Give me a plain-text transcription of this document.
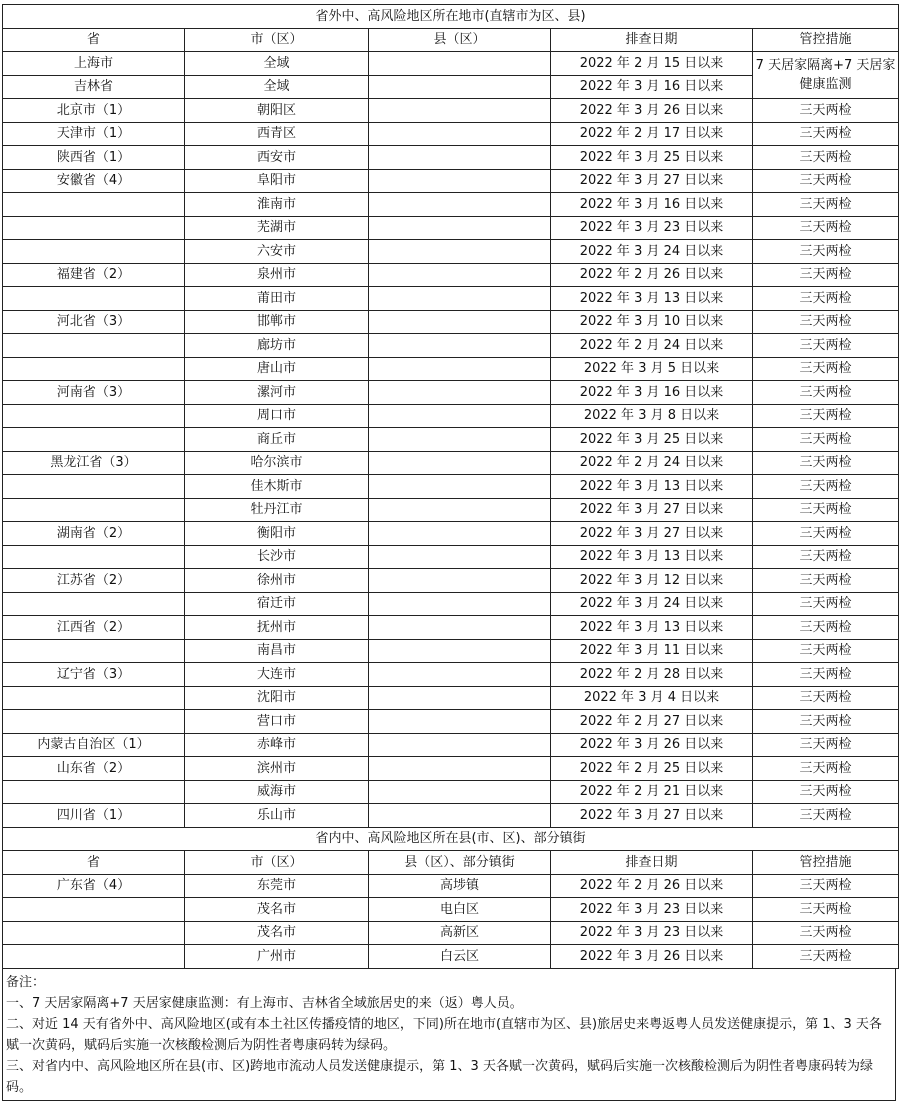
省外中、高风险地区所在地市(直辖市为区、县)				
省	市（区）	县（区）	排查日期	管控措施
上海市	全域		2022 年 2 月 15 日以来	7 天居家隔离+7 天居家健康监测
吉林省	全域		2022 年 3 月 16 日以来	
北京市（1）	朝阳区		2022 年 3 月 26 日以来	三天两检
天津市（1）	西青区		2022 年 2 月 17 日以来	三天两检
陕西省（1）	西安市		2022 年 3 月 25 日以来	三天两检
安徽省（4）	阜阳市		2022 年 3 月 27 日以来	三天两检
	淮南市		2022 年 3 月 16 日以来	三天两检
	芜湖市		2022 年 3 月 23 日以来	三天两检
	六安市		2022 年 3 月 24 日以来	三天两检
福建省（2）	泉州市		2022 年 2 月 26 日以来	三天两检
	莆田市		2022 年 3 月 13 日以来	三天两检
河北省（3）	邯郸市		2022 年 3 月 10 日以来	三天两检
	廊坊市		2022 年 2 月 24 日以来	三天两检
	唐山市		2022 年 3 月 5 日以来	三天两检
河南省（3）	漯河市		2022 年 3 月 16 日以来	三天两检
	周口市		2022 年 3 月 8 日以来	三天两检
	商丘市		2022 年 3 月 25 日以来	三天两检
黑龙江省（3）	哈尔滨市		2022 年 2 月 24 日以来	三天两检
	佳木斯市		2022 年 3 月 13 日以来	三天两检
	牡丹江市		2022 年 3 月 27 日以来	三天两检
湖南省（2）	衡阳市		2022 年 3 月 27 日以来	三天两检
	长沙市		2022 年 3 月 13 日以来	三天两检
江苏省（2）	徐州市		2022 年 3 月 12 日以来	三天两检
	宿迁市		2022 年 3 月 24 日以来	三天两检
江西省（2）	抚州市		2022 年 3 月 13 日以来	三天两检
	南昌市		2022 年 3 月 11 日以来	三天两检
辽宁省（3）	大连市		2022 年 2 月 28 日以来	三天两检
	沈阳市		2022 年 3 月 4 日以来	三天两检
	营口市		2022 年 2 月 27 日以来	三天两检
内蒙古自治区（1）	赤峰市		2022 年 3 月 26 日以来	三天两检
山东省（2）	滨州市		2022 年 2 月 25 日以来	三天两检
	威海市		2022 年 2 月 21 日以来	三天两检
四川省（1）	乐山市		2022 年 3 月 27 日以来	三天两检
省内中、高风险地区所在县(市、区)、部分镇街				
省	市（区）	县（区）、部分镇街	排查日期	管控措施
广东省（4）	东莞市	高埗镇	2022 年 2 月 26 日以来	三天两检
	茂名市	电白区	2022 年 3 月 23 日以来	三天两检
	茂名市	高新区	2022 年 3 月 23 日以来	三天两检
	广州市	白云区	2022 年 3 月 26 日以来	三天两检
备注：
一、7 天居家隔离+7 天居家健康监测：有上海市、吉林省全域旅居史的来（返）粤人员。
二、对近 14 天有省外中、高风险地区(或有本土社区传播疫情的地区，下同)所在地市(直辖市为区、县)旅居史来粤返粤人员发送健康提示，第 1、3 天各赋一次黄码，赋码后实施一次核酸检测后为阴性者粤康码转为绿码。
三、对省内中、高风险地区所在县(市、区)跨地市流动人员发送健康提示，第 1、3 天各赋一次黄码，赋码后实施一次核酸检测后为阴性者粤康码转为绿码。
